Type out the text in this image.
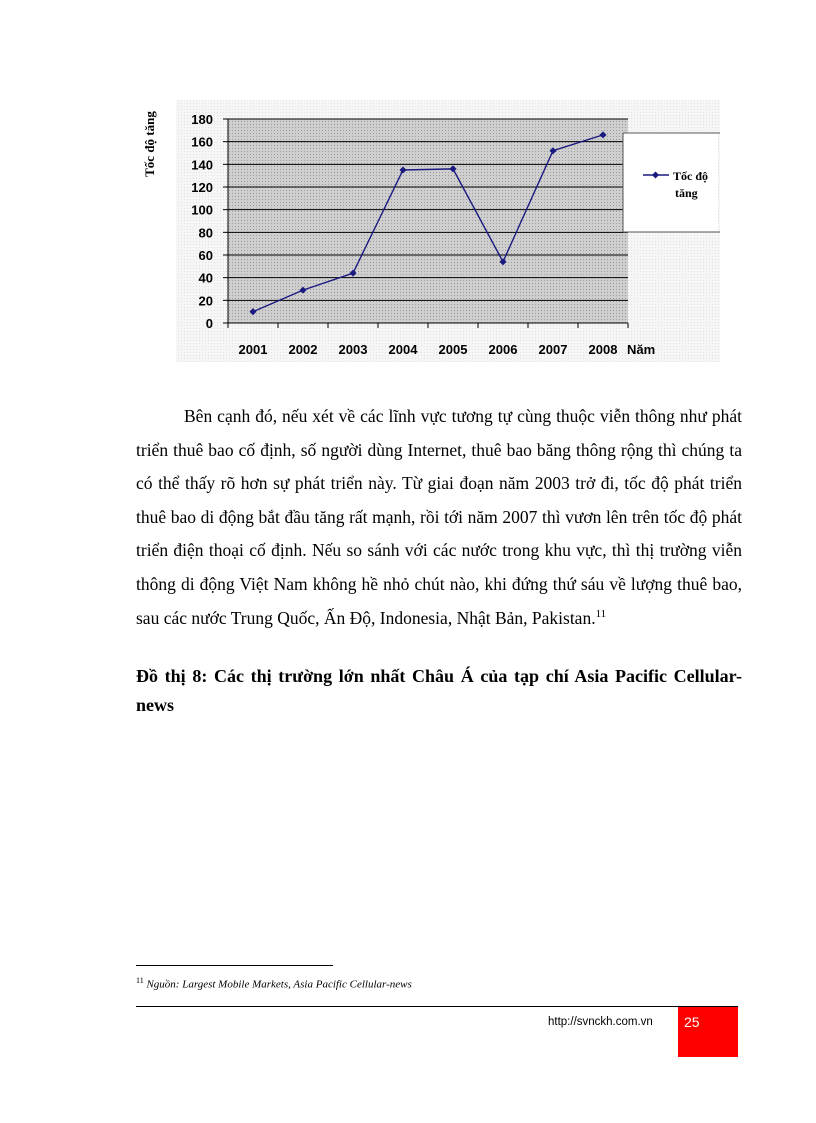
0
20
40
60
80
100
120
140
160
180
2001 2002 2003 2004 2005 2006 2007 2008
Tốc độ tăng
Năm
Tốc độ
tăng

Bên cạnh đó, nếu xét về các lĩnh vực tương tự cùng thuộc viễn thông như phát triển thuê bao cố định, số người dùng Internet, thuê bao băng thông rộng thì chúng ta có thể thấy rõ hơn sự phát triển này. Từ giai đoạn năm 2003 trở đi, tốc độ phát triển thuê bao di động bắt đầu tăng rất mạnh, rồi tới năm 2007 thì vươn lên trên tốc độ phát triển điện thoại cố định. Nếu so sánh với các nước trong khu vực, thì thị trường viễn thông di động Việt Nam không hề nhỏ chút nào, khi đứng thứ sáu về lượng thuê bao, sau các nước Trung Quốc, Ấn Độ, Indonesia, Nhật Bản, Pakistan.$^{11}$

Đồ thị 8: Các thị trường lớn nhất Châu Á của tạp chí Asia Pacific Cellular-news

$^{11}$ Nguồn: Largest Mobile Markets, Asia Pacific Cellular-news
http://svnckh.com.vn 25
